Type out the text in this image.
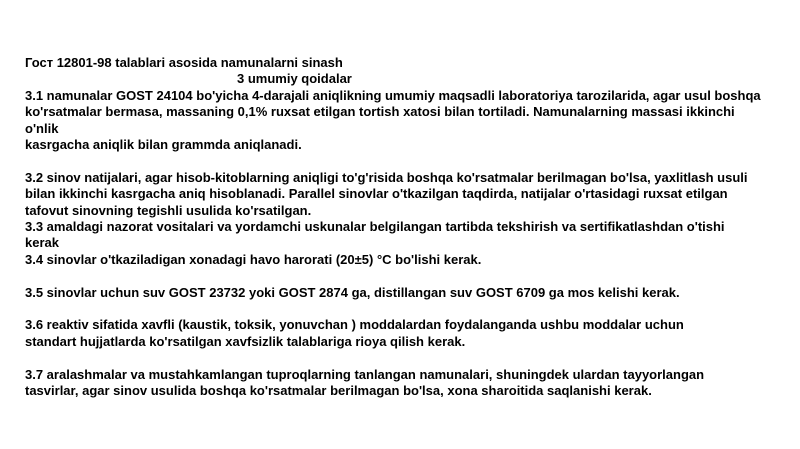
Гост 12801-98 talablari asosida namunalarni sinash
3 umumiy qoidalar
3.1 namunalar GOST 24104 bo'yicha 4-darajali aniqlikning umumiy maqsadli laboratoriya tarozilarida, agar usul boshqa
ko'rsatmalar bermasa, massaning 0,1% ruxsat etilgan tortish xatosi bilan tortiladi. Namunalarning massasi ikkinchi
o'nlik
kasrgacha aniqlik bilan grammda aniqlanadi.
3.2 sinov natijalari, agar hisob-kitoblarning aniqligi to'g'risida boshqa ko'rsatmalar berilmagan bo'lsa, yaxlitlash usuli
bilan ikkinchi kasrgacha aniq hisoblanadi. Parallel sinovlar o'tkazilgan taqdirda, natijalar o'rtasidagi ruxsat etilgan
tafovut sinovning tegishli usulida ko'rsatilgan.
3.3 amaldagi nazorat vositalari va yordamchi uskunalar belgilangan tartibda tekshirish va sertifikatlashdan o'tishi
kerak
3.4 sinovlar o'tkaziladigan xonadagi havo harorati (20±5) °C bo'lishi kerak.
3.5 sinovlar uchun suv GOST 23732 yoki GOST 2874 ga, distillangan suv GOST 6709 ga mos kelishi kerak.
3.6 reaktiv sifatida xavfli (kaustik, toksik, yonuvchan ) moddalardan foydalanganda ushbu moddalar uchun
standart hujjatlarda ko'rsatilgan xavfsizlik talablariga rioya qilish kerak.
3.7 aralashmalar va mustahkamlangan tuproqlarning tanlangan namunalari, shuningdek ulardan tayyorlangan
tasvirlar, agar sinov usulida boshqa ko'rsatmalar berilmagan bo'lsa, xona sharoitida saqlanishi kerak.
